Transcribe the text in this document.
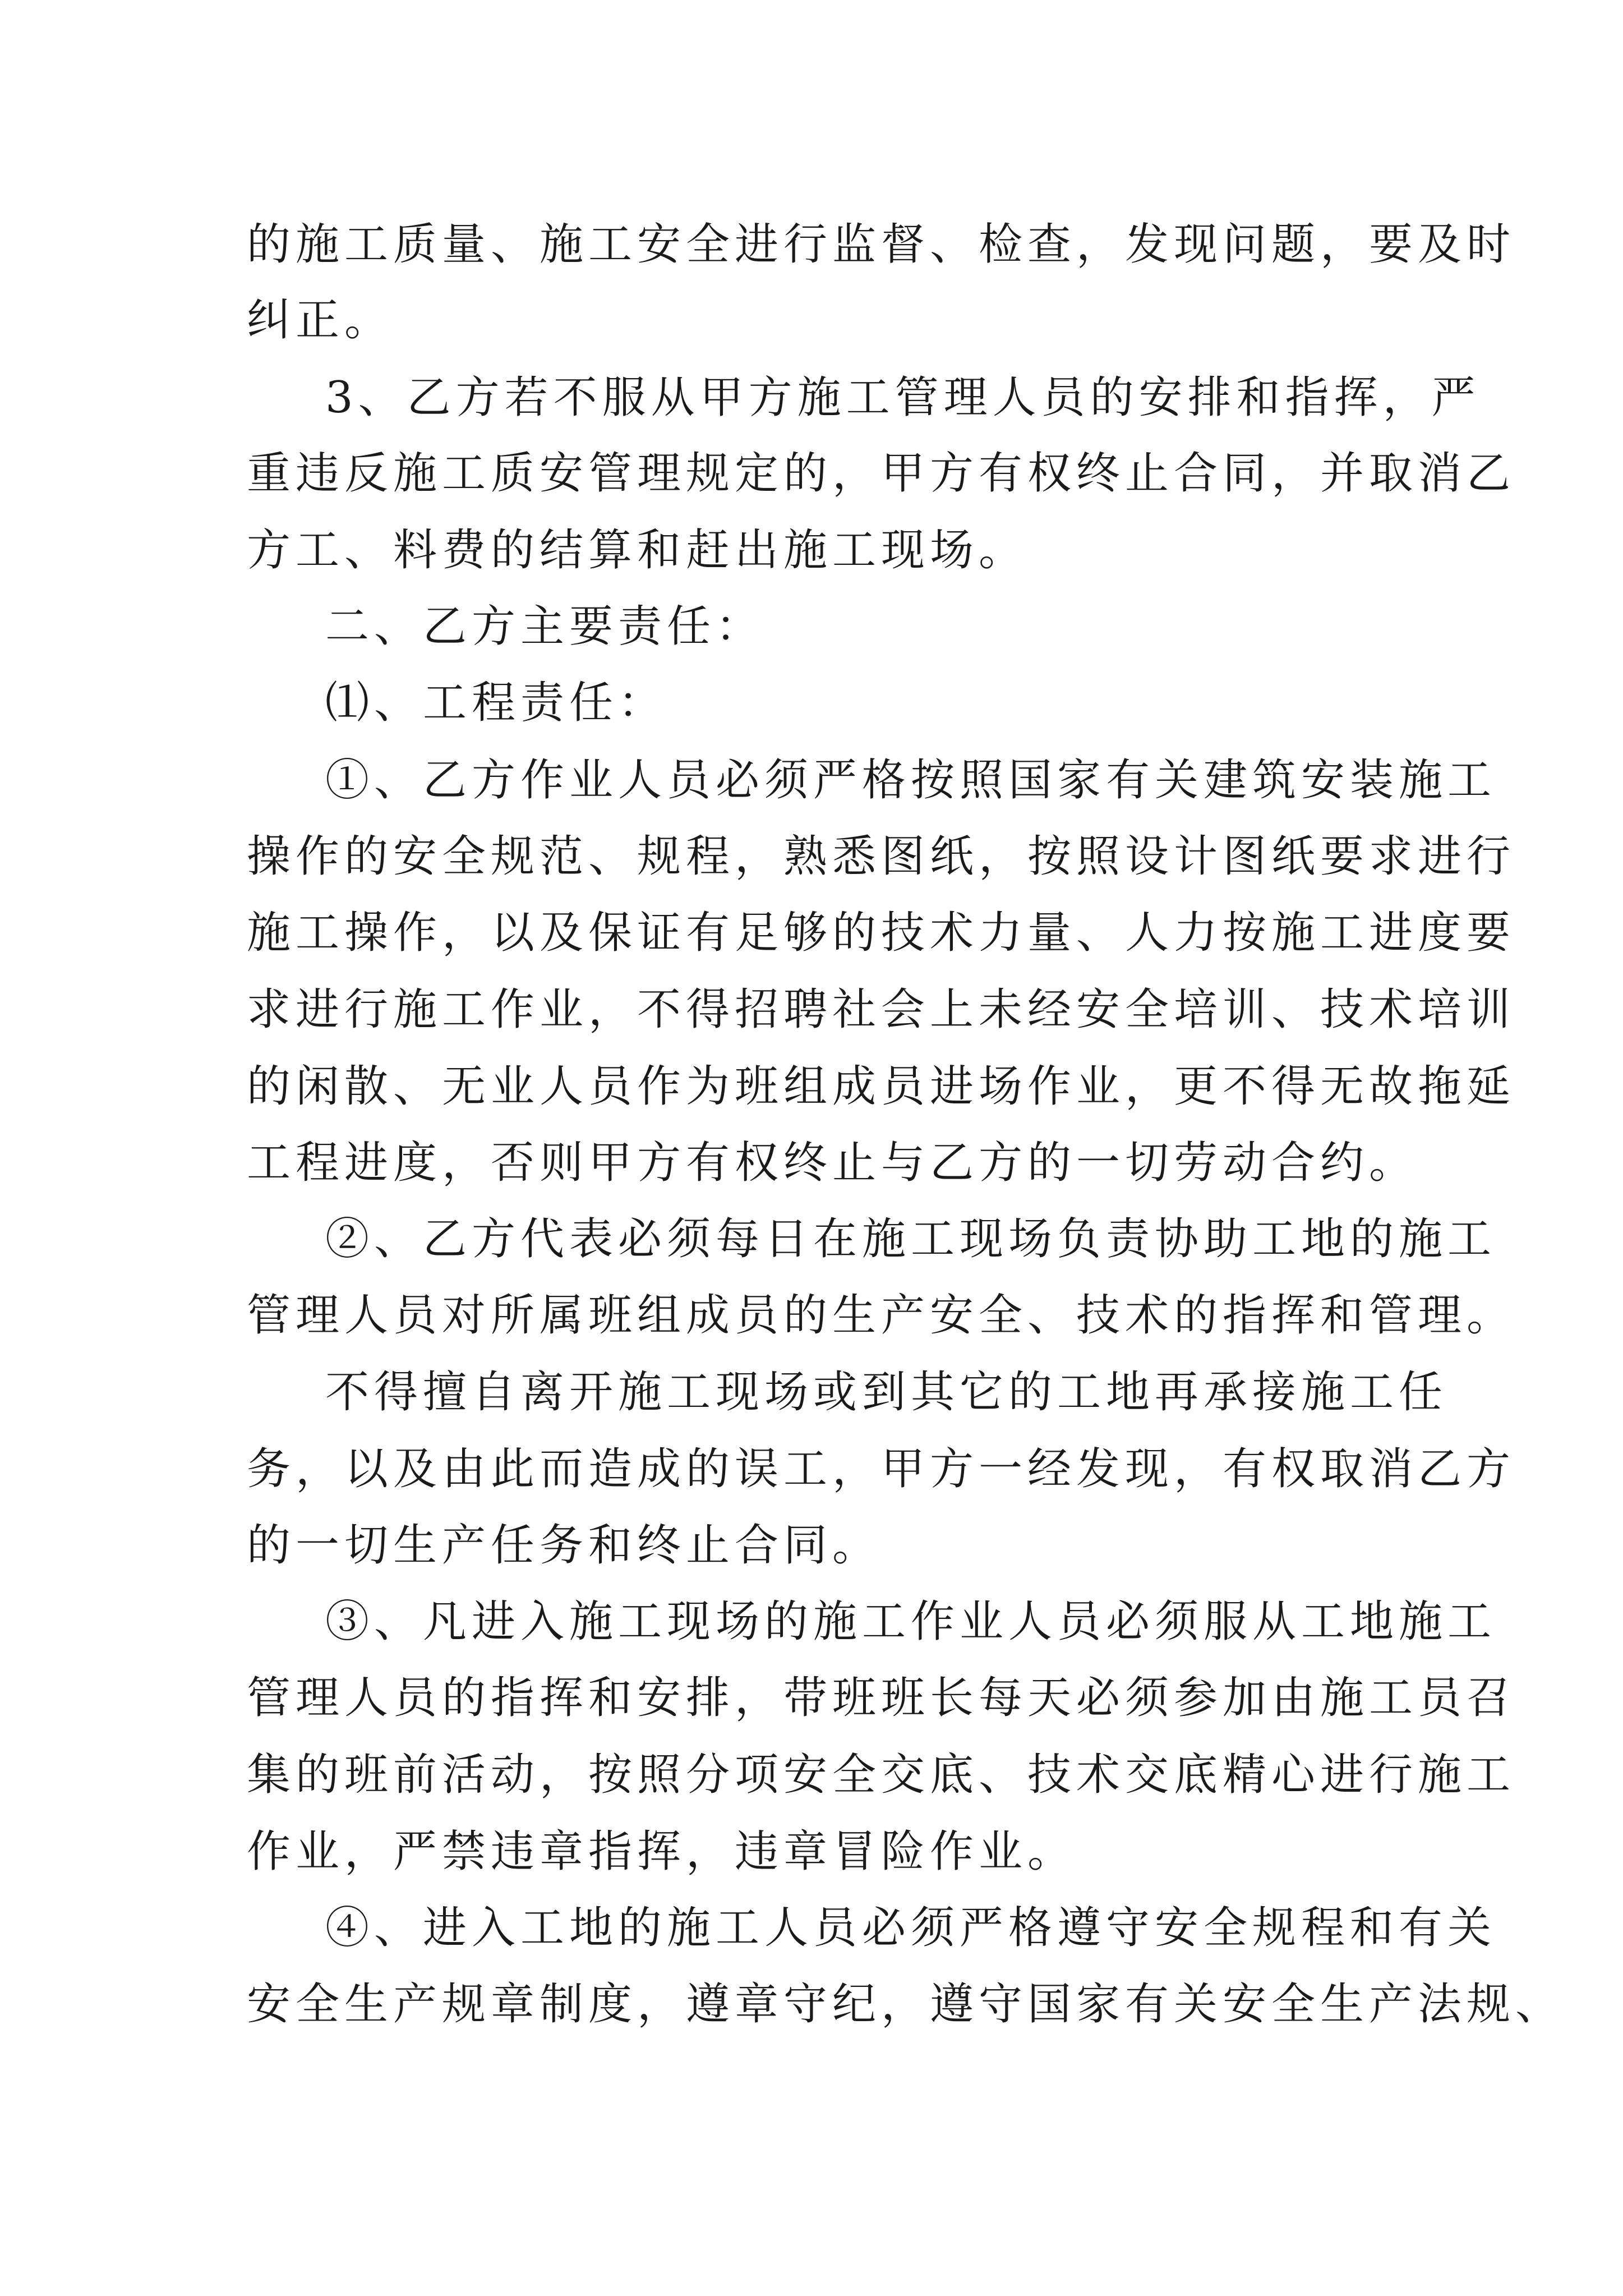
的施工质量、施工安全进行监督、检查，发现问题，要及时
纠正。
3、乙方若不服从甲方施工管理人员的安排和指挥，严
重违反施工质安管理规定的，甲方有权终止合同，并取消乙
方工、料费的结算和赶出施工现场。
二、乙方主要责任：
⑴、工程责任：
①、乙方作业人员必须严格按照国家有关建筑安装施工
操作的安全规范、规程，熟悉图纸，按照设计图纸要求进行
施工操作，以及保证有足够的技术力量、人力按施工进度要
求进行施工作业，不得招聘社会上未经安全培训、技术培训
的闲散、无业人员作为班组成员进场作业，更不得无故拖延
工程进度，否则甲方有权终止与乙方的一切劳动合约。
②、乙方代表必须每日在施工现场负责协助工地的施工
管理人员对所属班组成员的生产安全、技术的指挥和管理。
不得擅自离开施工现场或到其它的工地再承接施工任
务，以及由此而造成的误工，甲方一经发现，有权取消乙方
的一切生产任务和终止合同。
③、凡进入施工现场的施工作业人员必须服从工地施工
管理人员的指挥和安排，带班班长每天必须参加由施工员召
集的班前活动，按照分项安全交底、技术交底精心进行施工
作业，严禁违章指挥，违章冒险作业。
④、进入工地的施工人员必须严格遵守安全规程和有关
安全生产规章制度，遵章守纪，遵守国家有关安全生产法规、
